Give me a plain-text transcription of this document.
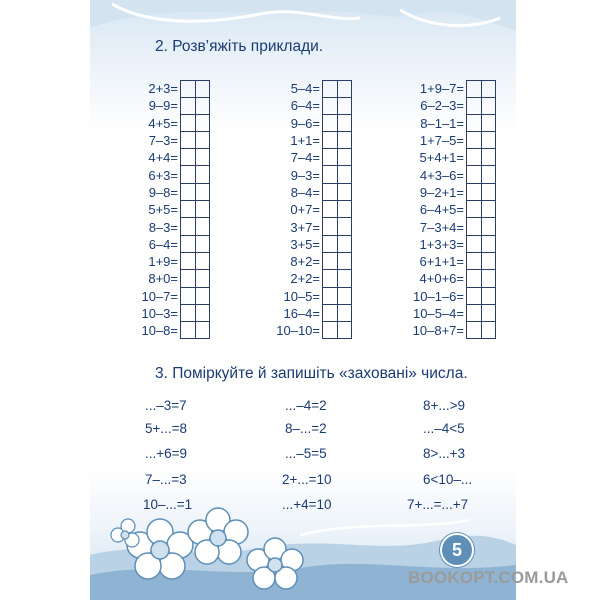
2. Розв’яжіть приклади.
2+3=
9–9=
4+5=
7–3=
4+4=
6+3=
9–8=
5+5=
8–3=
6–4=
1+9=
8+0=
10–7=
10–3=
10–8=
5–4=
6–4=
9–6=
1+1=
7–4=
9–3=
8–4=
0+7=
3+7=
3+5=
8+2=
2+2=
10–5=
16–4=
10–10=
1+9–7=
6–2–3=
8–1–1=
1+7–5=
5+4+1=
4+3–6=
9–2+1=
6–4+5=
7–3+4=
1+3+3=
6+1+1=
4+0+6=
10–1–6=
10–5–4=
10–8+7=
3. Поміркуйте й запишіть «заховані» числа.
...–3=7	...–4=2	8+...>9
5+...=8	8–...=2	...–4<5
...+6=9	...–5=5	8>...+3
7–...=3	2+...=10	6<10–...
10–...=1	...+4=10	7+...=...+7
5
BOOKOPT.COM.UA
